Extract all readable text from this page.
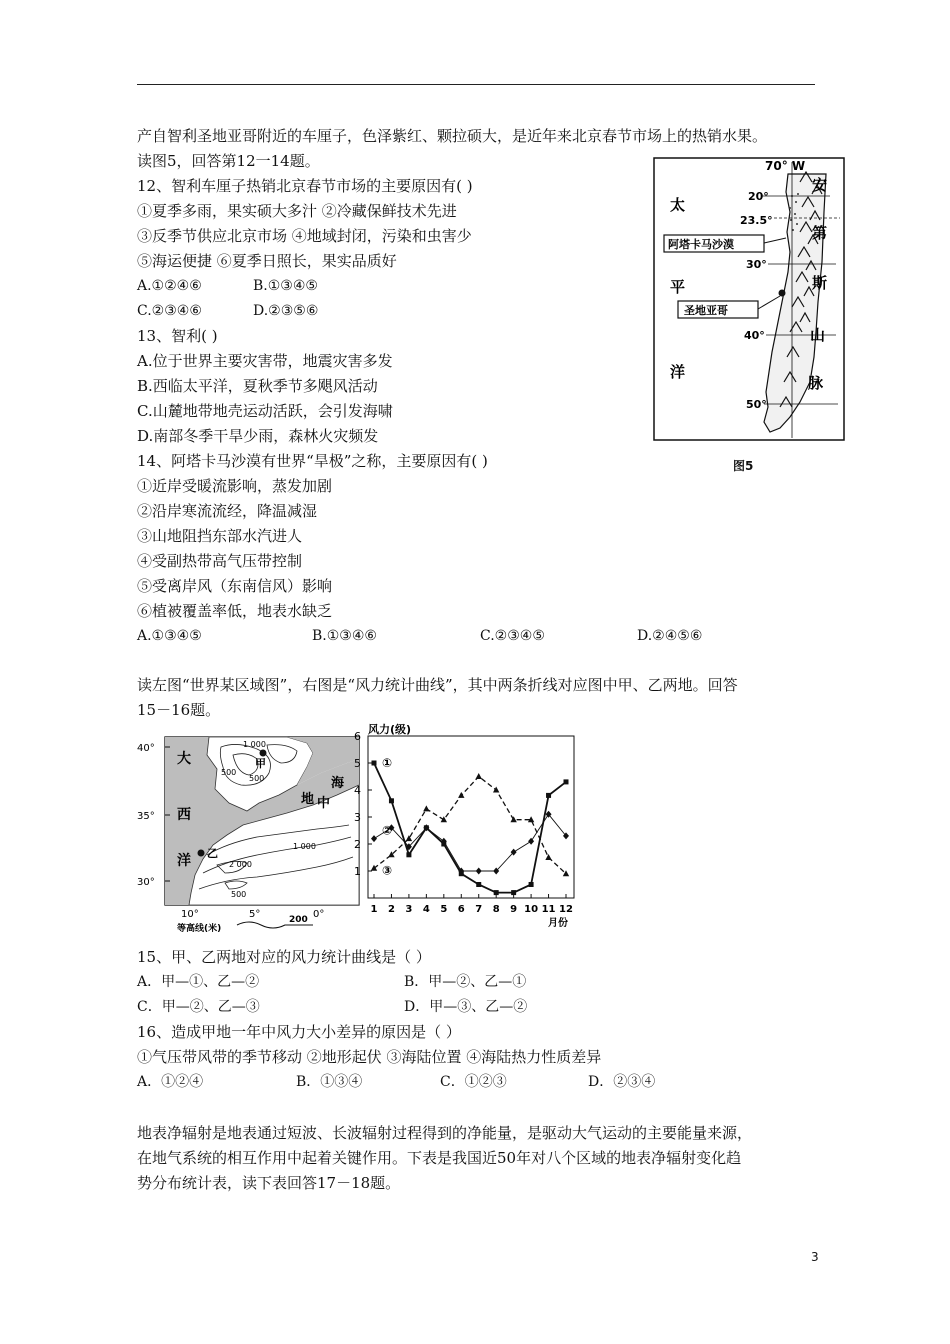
产自智利圣地亚哥附近的车厘子，色泽紫红、颗拉硕大，是近年来北京春节市场上的热销水果。
读图5，回答第12一14题。
12、智利车厘子热销北京春节市场的主要原因有( )
①夏季多雨，果实硕大多汁 ②冷藏保鲜技术先进
③反季节供应北京市场 ④地域封闭，污染和虫害少
⑤海运便捷 ⑥夏季日照长，果实品质好
A.①②④⑥	B.①③④⑤
C.②③④⑥	D.②③⑤⑥
13、智利( )
A.位于世界主要灾害带，地震灾害多发
B.西临太平洋，夏秋季节多飓风活动
C.山麓地带地壳运动活跃，会引发海啸
D.南部冬季干旱少雨，森林火灾频发
14、阿塔卡马沙漠有世界“旱极”之称，主要原因有( )
①近岸受暖流影响，蒸发加剧
②沿岸寒流流经，降温减湿
③山地阻挡东部水汽进人
④受副热带高气压带控制
⑤受离岸风（东南信风）影响
⑥植被覆盖率低，地表水缺乏
A.①③④⑤	B.①③④⑥	C.②③④⑤	D.②④⑤⑥
70° W
20°
23.5°
30°
40°
50°
太
平
洋
安
第
斯
山
脉
阿塔卡马沙漠
圣地亚哥
图5
读左图“世界某区域图”，右图是“风力统计曲线”，其中两条折线对应图中甲、乙两地。回答
15－16题。
40°
35°
30°
10°	5°	0°
大
西
洋
海
中
地
甲
乙
1 000
1 000
500
500
500
2 000
等高线(米)
200
①
②
③
1 2 3 4 5 6 7 8 9 10 11 12
1
2
3
4
5
6
风力(级)
月份
15、甲、乙两地对应的风力统计曲线是（ ）
A．甲—①、乙—②	B．甲—②、乙—①
C．甲—②、乙—③	D．甲—③、乙—②
16、造成甲地一年中风力大小差异的原因是（ ）
①气压带风带的季节移动 ②地形起伏 ③海陆位置 ④海陆热力性质差异
A．①②④	B．①③④	C．①②③	D．②③④
地表净辐射是地表通过短波、长波辐射过程得到的净能量，是驱动大气运动的主要能量来源，
在地气系统的相互作用中起着关键作用。下表是我国近50年对八个区域的地表净辐射变化趋
势分布统计表，读下表回答17－18题。
3
